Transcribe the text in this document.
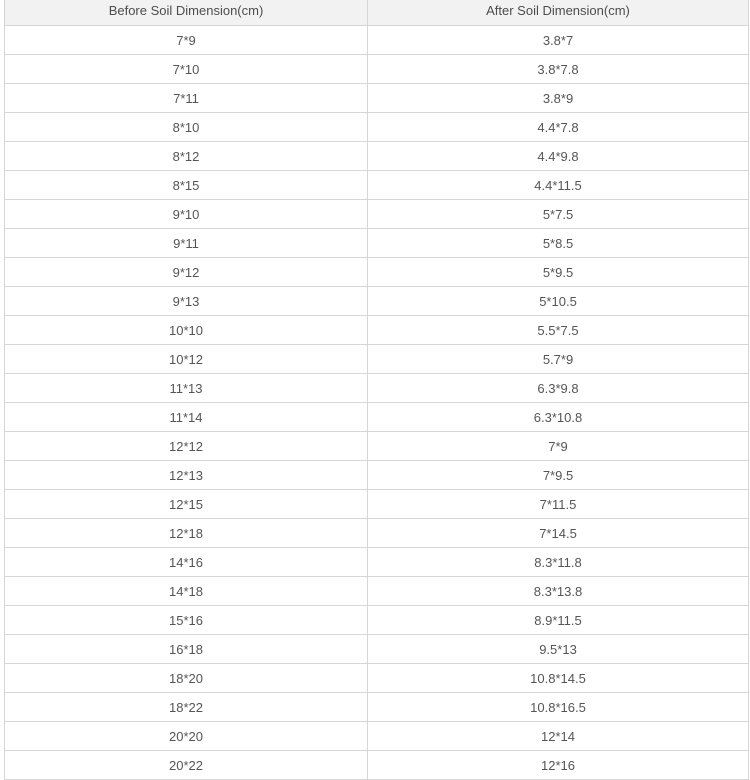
Before Soil Dimension(cm)	After Soil Dimension(cm)
7*9	3.8*7
7*10	3.8*7.8
7*11	3.8*9
8*10	4.4*7.8
8*12	4.4*9.8
8*15	4.4*11.5
9*10	5*7.5
9*11	5*8.5
9*12	5*9.5
9*13	5*10.5
10*10	5.5*7.5
10*12	5.7*9
11*13	6.3*9.8
11*14	6.3*10.8
12*12	7*9
12*13	7*9.5
12*15	7*11.5
12*18	7*14.5
14*16	8.3*11.8
14*18	8.3*13.8
15*16	8.9*11.5
16*18	9.5*13
18*20	10.8*14.5
18*22	10.8*16.5
20*20	12*14
20*22	12*16
